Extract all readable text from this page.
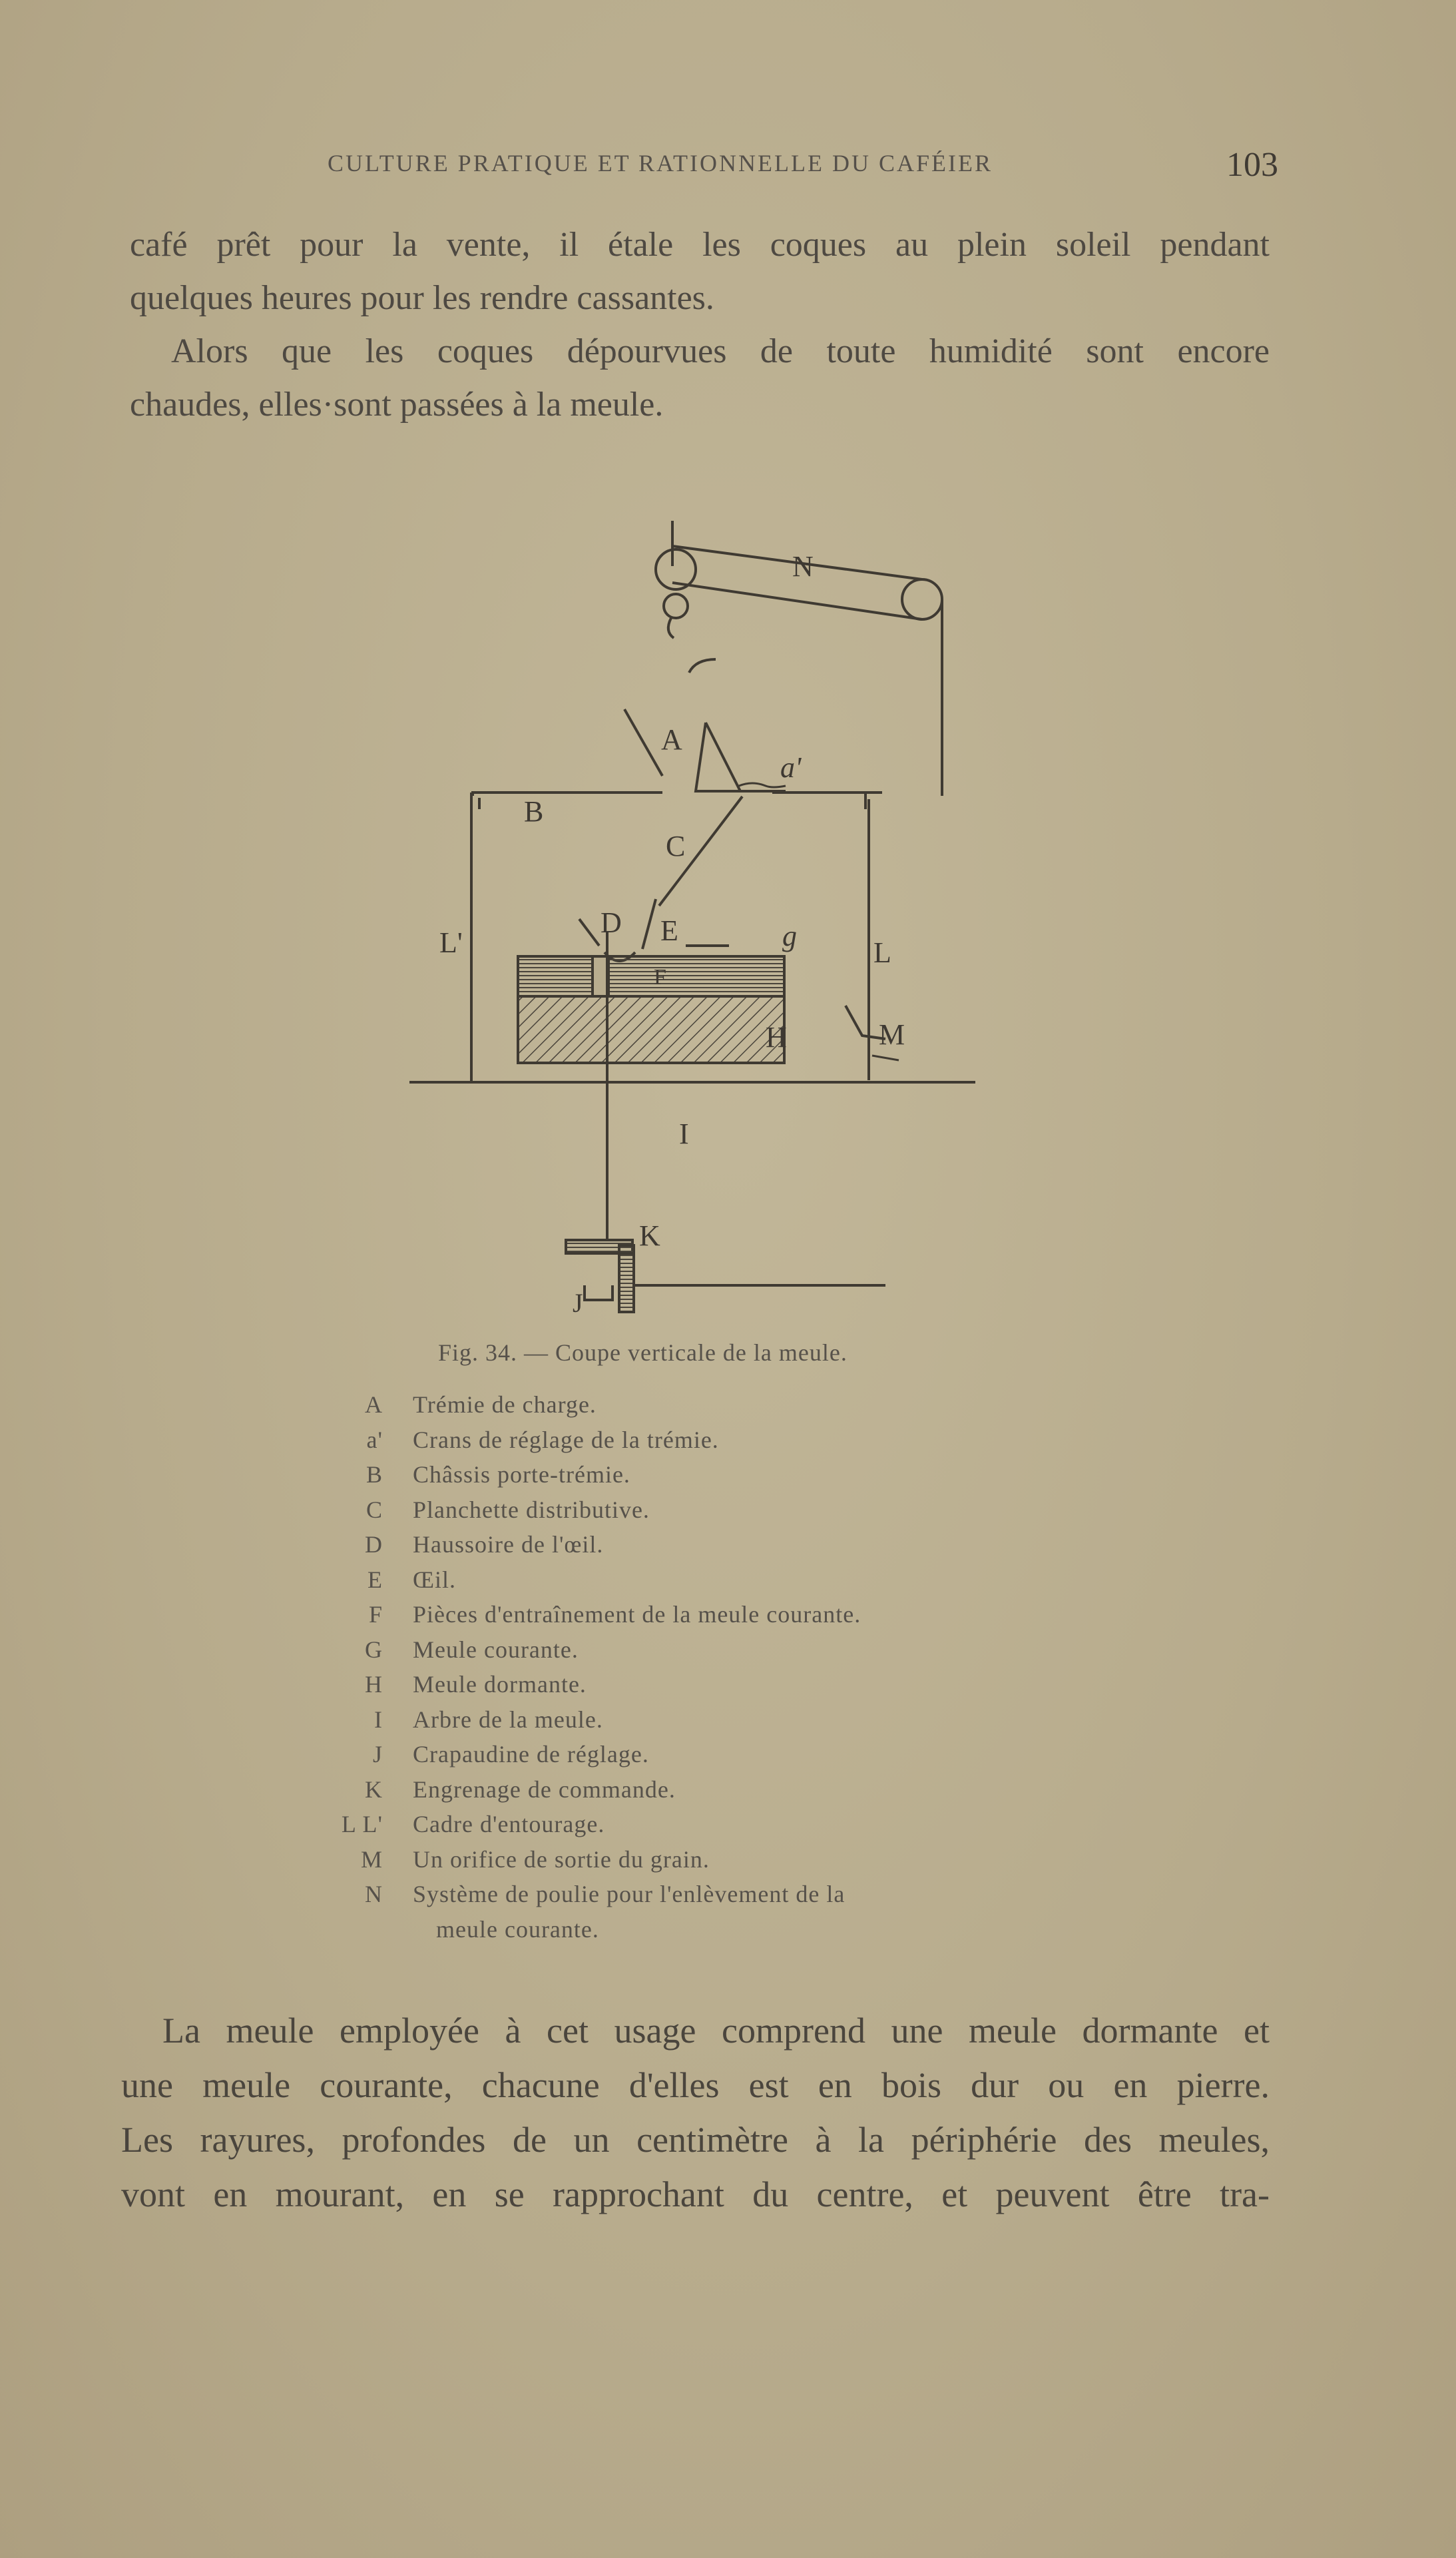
CULTURE PRATIQUE ET RATIONNELLE DU CAFÉIER	103
café prêt pour la vente, il étale les coques au plein soleil pendant
quelques heures pour les rendre cassantes.
Alors que les coques dépourvues de toute humidité sont encore
chaudes, elles·sont passées à la meule.
N
A
a'
B
C
D E	g
L'	L
F
H	M
I
K
J
Fig. 34. — Coupe verticale de la meule.
A Trémie de charge.
a' Crans de réglage de la trémie.
B Châssis porte-trémie.
C Planchette distributive.
D Haussoire de l'œil.
E Œil.
F Pièces d'entraînement de la meule courante.
G Meule courante.
H Meule dormante.
I Arbre de la meule.
J Crapaudine de réglage.
K Engrenage de commande.
L L' Cadre d'entourage.
M Un orifice de sortie du grain.
N Système de poulie pour l'enlèvement de la
meule courante.
La meule employée à cet usage comprend une meule dormante et
une meule courante, chacune d'elles est en bois dur ou en pierre.
Les rayures, profondes de un centimètre à la périphérie des meules,
vont en mourant, en se rapprochant du centre, et peuvent être tra-
